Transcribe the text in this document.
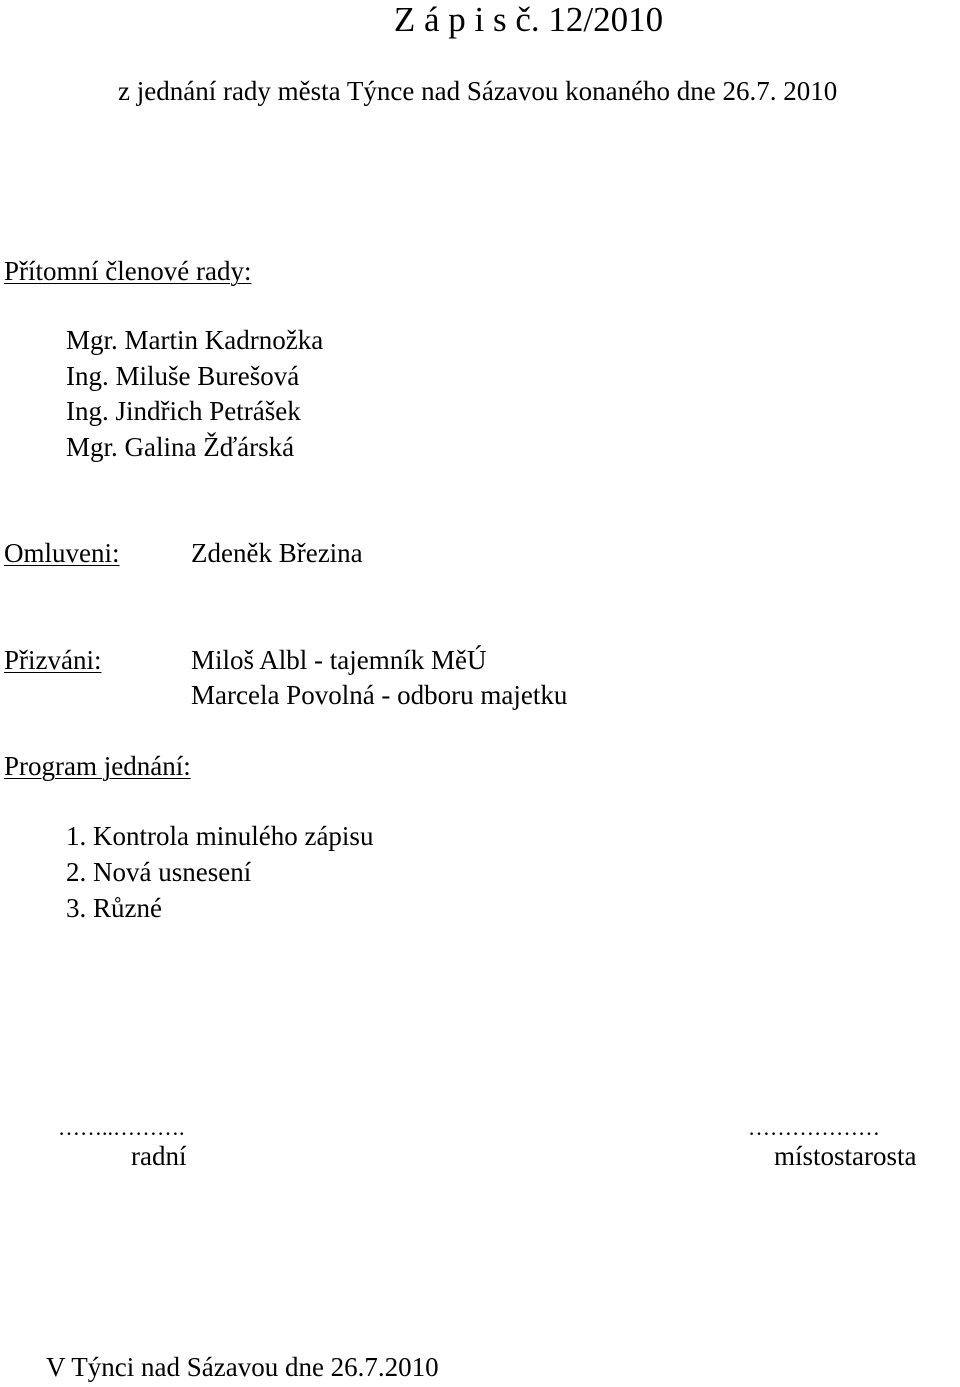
Z á p i s č. 12/2010
z jednání rady města Týnce nad Sázavou konaného dne 26.7. 2010
Přítomní členové rady:
Mgr. Martin Kadrnožka
Ing. Miluše Burešová
Ing. Jindřich Petrášek
Mgr. Galina Žďárská
Omluveni:	Zdeněk Březina
Přizváni:	Miloš Albl - tajemník MěÚ
Marcela Povolná - odboru majetku
Program jednání:
1. Kontrola minulého zápisu
2. Nová usnesení
3. Různé
……..……….
radní
………………
místostarosta
V Týnci nad Sázavou dne 26.7.2010
